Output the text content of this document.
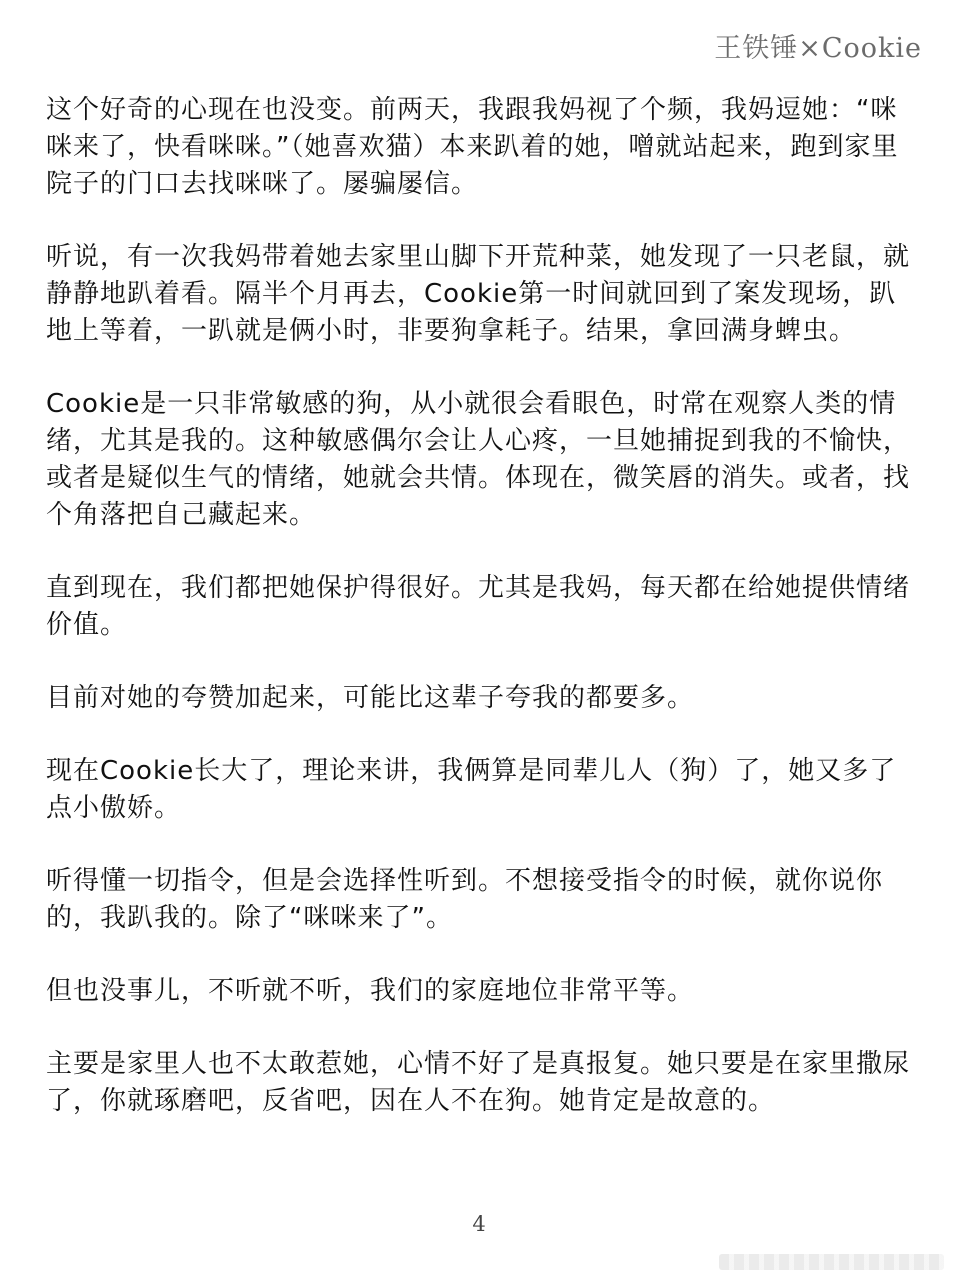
王铁锤×Cookie

这个好奇的心现在也没变。前两天，我跟我妈视了个频，我妈逗她：“咪咪来了，快看咪咪。”（她喜欢猫）本来趴着的她，噌就站起来，跑到家里院子的门口去找咪咪了。屡骗屡信。

听说，有一次我妈带着她去家里山脚下开荒种菜，她发现了一只老鼠，就静静地趴着看。隔半个月再去，Cookie第一时间就回到了案发现场，趴地上等着，一趴就是俩小时，非要狗拿耗子。结果，拿回满身蜱虫。

Cookie是一只非常敏感的狗，从小就很会看眼色，时常在观察人类的情绪，尤其是我的。这种敏感偶尔会让人心疼，一旦她捕捉到我的不愉快，或者是疑似生气的情绪，她就会共情。体现在，微笑唇的消失。或者，找个角落把自己藏起来。

直到现在，我们都把她保护得很好。尤其是我妈，每天都在给她提供情绪价值。

目前对她的夸赞加起来，可能比这辈子夸我的都要多。

现在Cookie长大了，理论来讲，我俩算是同辈儿人（狗）了，她又多了点小傲娇。

听得懂一切指令，但是会选择性听到。不想接受指令的时候，就你说你的，我趴我的。除了“咪咪来了”。

但也没事儿，不听就不听，我们的家庭地位非常平等。

主要是家里人也不太敢惹她，心情不好了是真报复。她只要是在家里撒尿了，你就琢磨吧，反省吧，因在人不在狗。她肯定是故意的。

4
